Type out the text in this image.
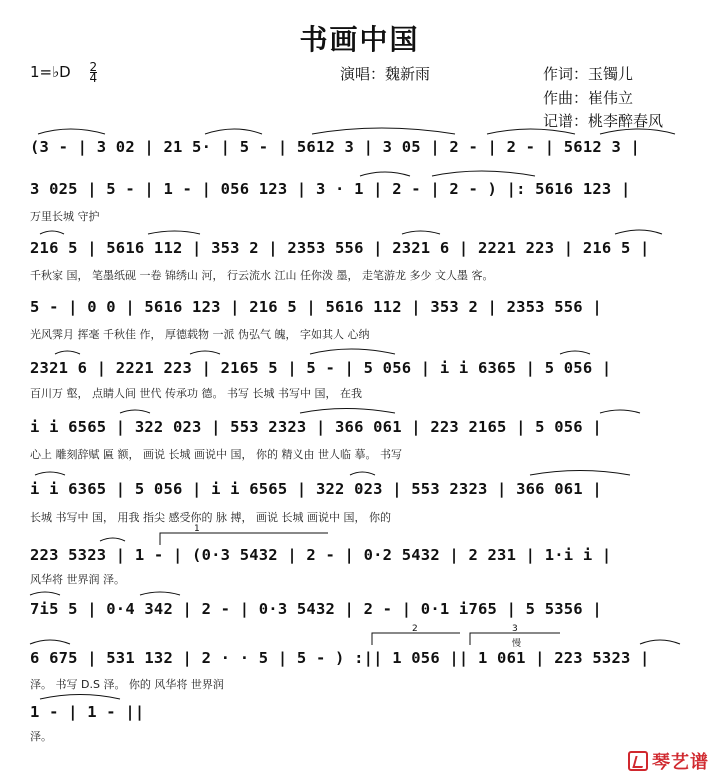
书画中国
1=♭D $\frac{2}{4}$	演唱：魏新雨	作词：玉镯儿
作曲：崔伟立
记谱：桃李醉春风
(3 - | 3 02 | 21 5· | 5 - | 5612 3 | 3 05 | 2 - | 2 - | 5612 3 |
3 025 | 5 - | 1 - | 056 123 | 3 · 1 | 2 - | 2 - ) |: 5616 123 |
万里长城 守护
216 5 | 5616 112 | 353 2 | 2353 556 | 2321 6 | 2221 223 | 216 5 |
千秋家 国， 笔墨纸砚 一卷 锦绣山 河， 行云流水 江山 任你泼 墨， 走笔游龙 多少 文人墨 客。
5 - | 0 0 | 5616 123 | 216 5 | 5616 112 | 353 2 | 2353 556 |
光风霁月 挥毫 千秋佳 作， 厚德载物 一派 伪弘气 魄， 字如其人 心纳
2321 6 | 2221 223 | 2165 5 | 5 - | 5 056 | i i 6365 | 5 056 |
百川万 壑， 点睛人间 世代 传承功 德。 书写 长城 书写中 国， 在我
i i 6565 | 322 023 | 553 2323 | 366 061 | 223 2165 | 5 056 |
心上 雕刻辞赋 匾 额， 画说 长城 画说中 国， 你的 精义由 世人临 摹。 书写
i i 6365 | 5 056 | i i 6565 | 322 023 | 553 2323 | 366 061 |
长城 书写中 国， 用我 指尖 感受你的 脉 搏， 画说 长城 画说中 国， 你的
223 5323 | 1 - | (0·3 5432 | 2 - | 0·2 5432 | 2 231 | 1·i i |
风华将 世界润 泽。
7i5 5 | 0·4 342 | 2 - | 0·3 5432 | 2 - | 0·1 i765 | 5 5356 |
6 675 | 531 132 | 2 · · 5 | 5 - ) :|| 1 056 || 1 061 | 223 5323 |
泽。 书写 D.S 泽。 你的 风华将 世界润
1 - | 1 - ||
泽。
1
2	3
慢
琴艺谱
